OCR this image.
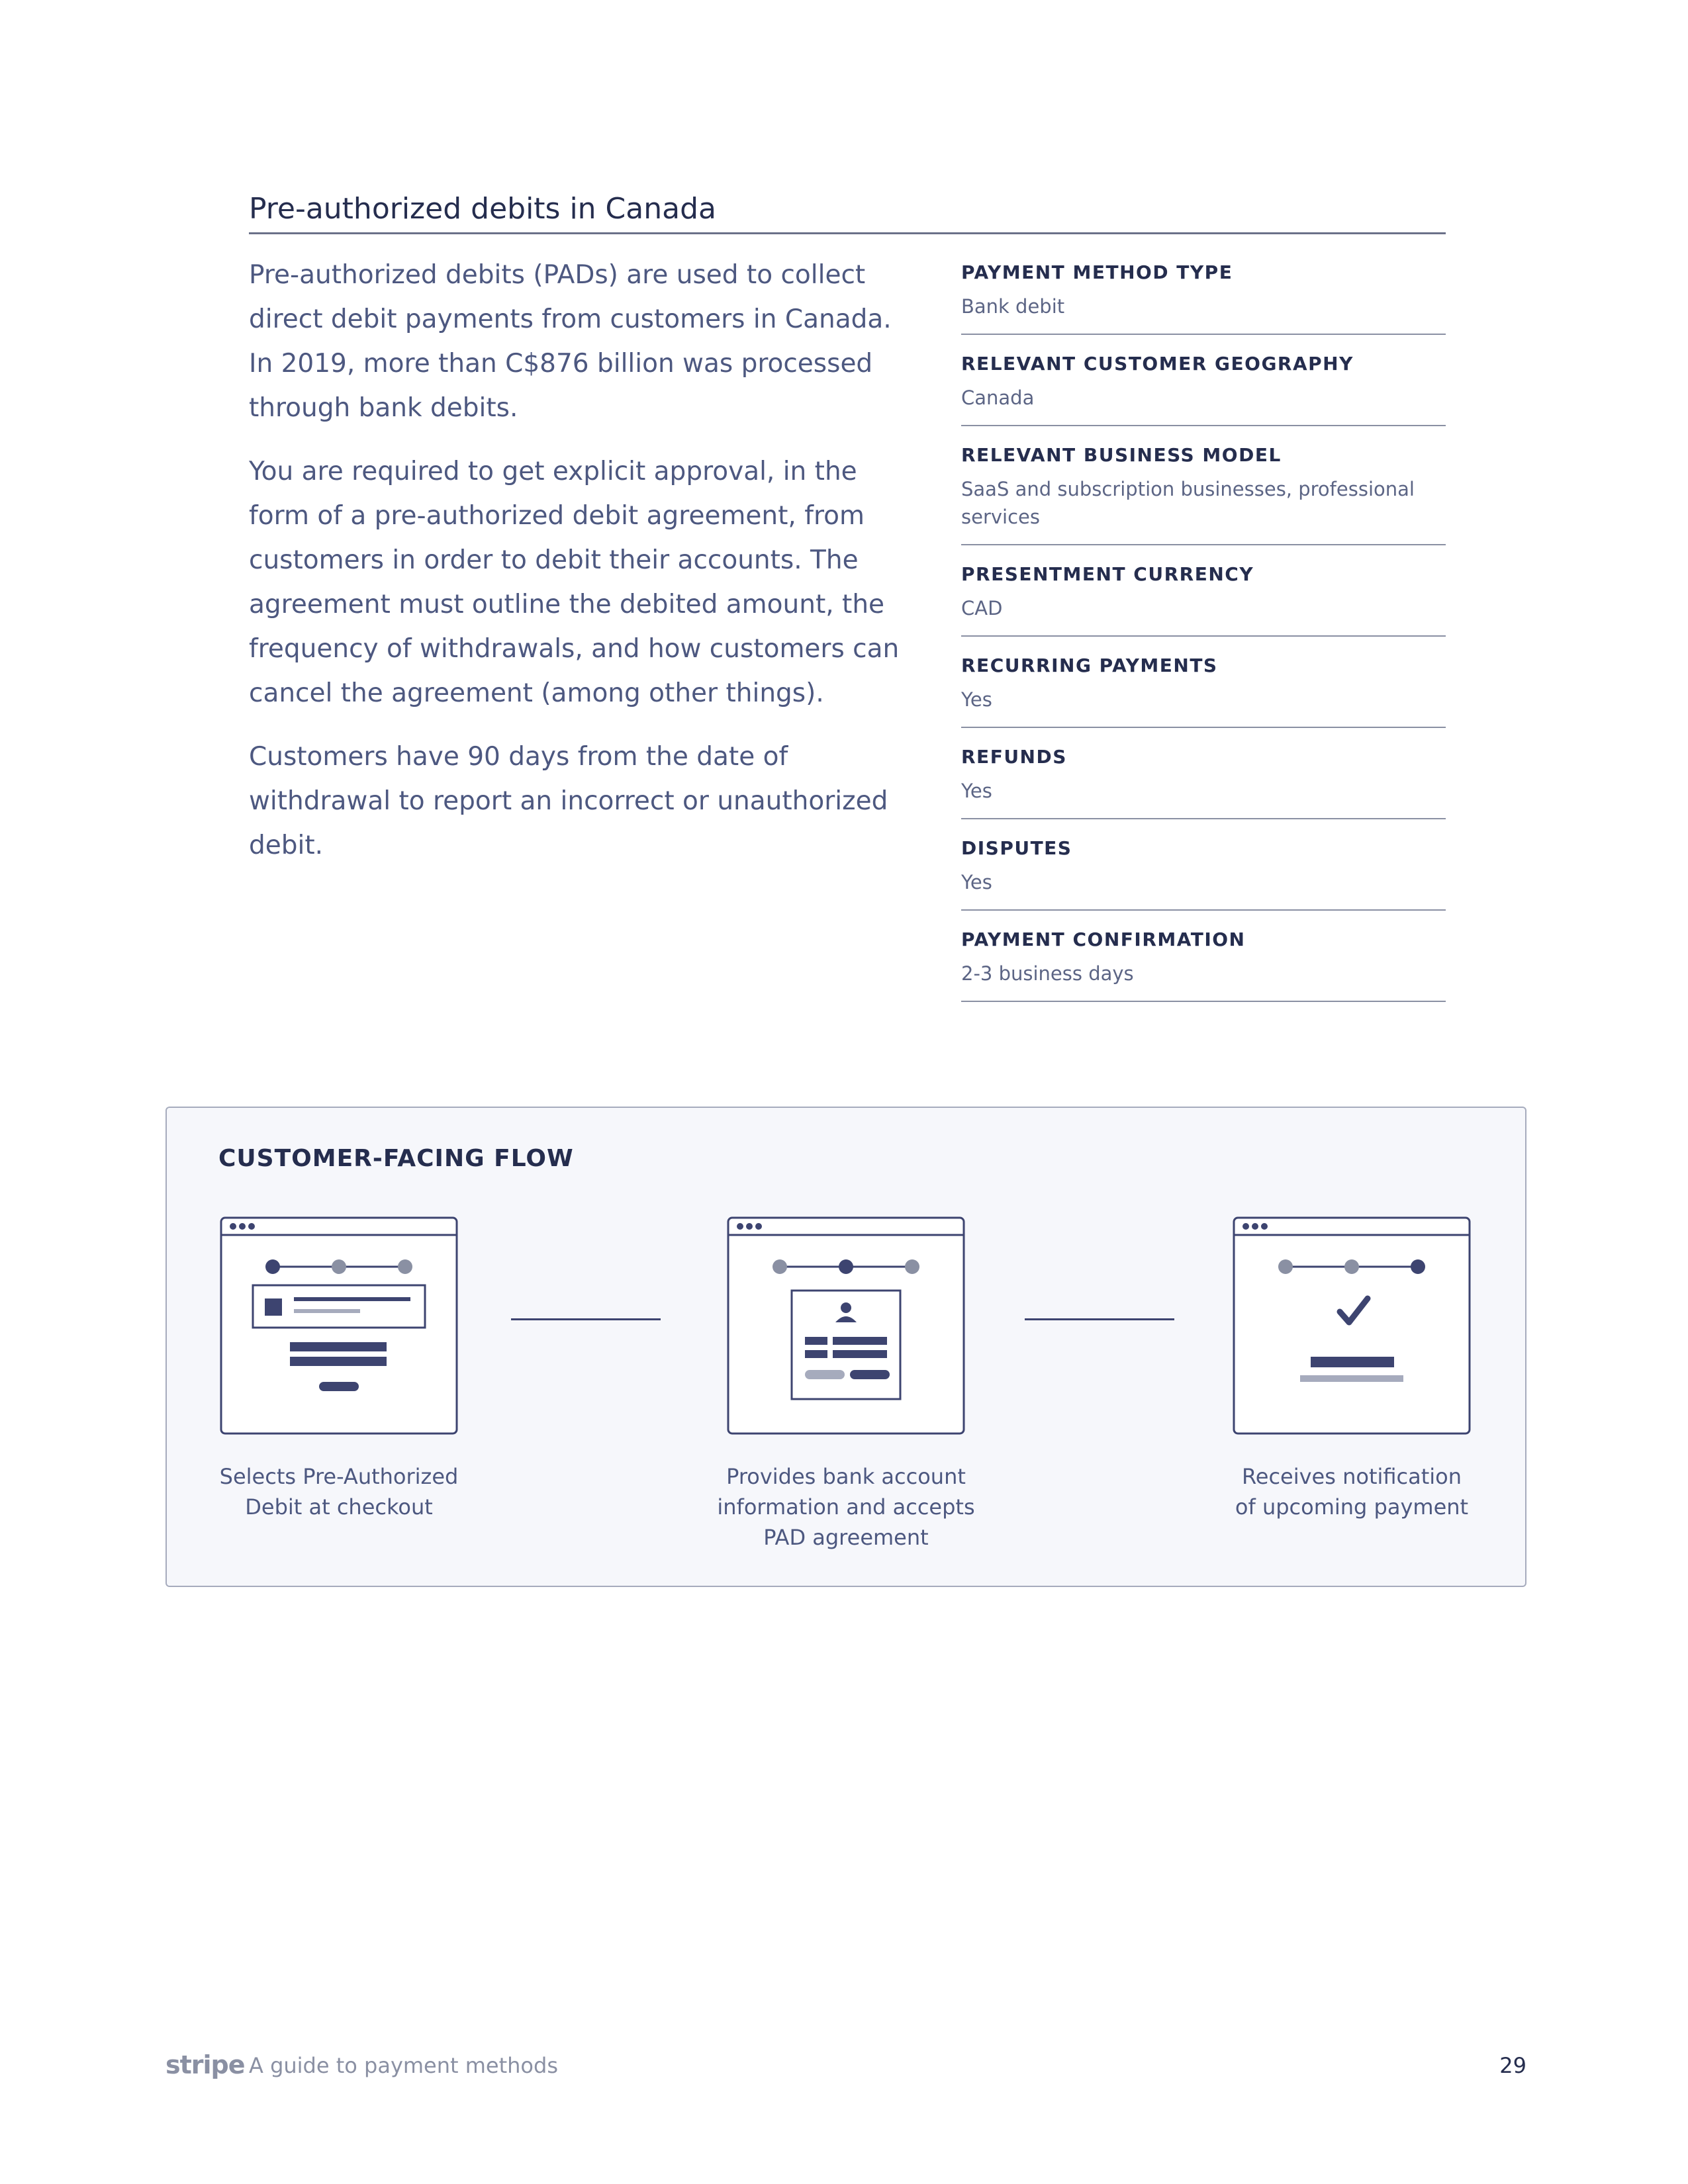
Pre-authorized debits in Canada

Pre-authorized debits (PADs) are used to collect direct debit payments from customers in Canada. In 2019, more than C$876 billion was processed through bank debits.

You are required to get explicit approval, in the form of a pre-authorized debit agreement, from customers in order to debit their accounts. The agreement must outline the debited amount, the frequency of withdrawals, and how customers can cancel the agreement (among other things).

Customers have 90 days from the date of withdrawal to report an incorrect or unauthorized debit.

PAYMENT METHOD TYPE
Bank debit
RELEVANT CUSTOMER GEOGRAPHY
Canada
RELEVANT BUSINESS MODEL
SaaS and subscription businesses, professional services
PRESENTMENT CURRENCY
CAD
RECURRING PAYMENTS
Yes
REFUNDS
Yes
DISPUTES
Yes
PAYMENT CONFIRMATION
2-3 business days
CUSTOMER-FACING FLOW
Selects Pre-Authorized
Debit at checkout
Provides bank account
information and accepts
PAD agreement
Receives notification
of upcoming payment
stripe A guide to payment methods	29
